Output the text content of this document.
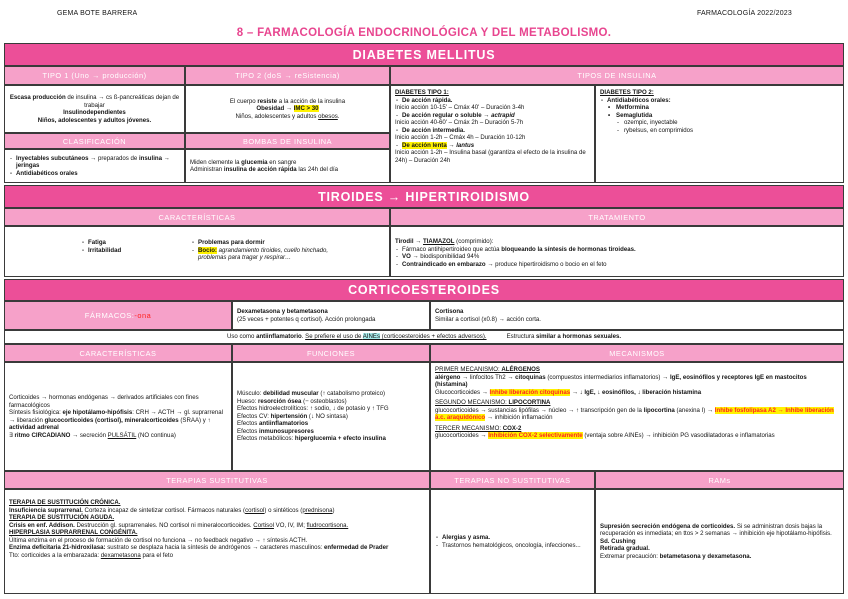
GEMA BOTE BARRERA	FARMACOLOGÍA 2022/2023
8 – FARMACOLOGÍA ENDOCRINOLÓGICA Y DEL METABOLISMO.
DIABETES MELLITUS
TIPO 1 (Uno → producción)	TIPO 2 (doS → reSistencia)	TIPOS DE INSULINA
Escasa producción de insulina → cs ß-pancreáticas dejan de trabajar
Insulinodependientes
Niños, adolescentes y adultos jóvenes.
El cuerpo resiste a la acción de la insulina
Obesidad → IMC > 30
Niños, adolescentes y adultos obesos.
DIABETES TIPO 1:
- De acción rápida.
Inicio acción 10-15' – Cmáx 40' – Duración 3-4h
- De acción regular o soluble → actrapid
Inicio acción 40-60' – Cmáx 2h – Duración 5-7h
- De acción intermedia.
Inicio acción 1-2h – Cmáx 4h – Duración 10-12h
- De acción lenta → lantus
Inicio acción 1-2h – Insulina basal (garantiza el efecto de la insulina de 24h) – Duración 24h
DIABETES TIPO 2:
- Antidiabéticos orales:
• Metformina
• Semaglutida
- ozempic, inyectable
- rybelsus, en comprimidos
CLASIFICACIÓN	BOMBAS DE INSULINA
- Inyectables subcutáneos → preparados de insulina → jeringas
- Antidiabéticos orales
Miden clemente la glucemia en sangre
Administran insulina de acción rápida las 24h del día
TIROIDES → HIPERTIROIDISMO
CARACTERÍSTICAS	TRATAMIENTO
- Fatiga
- Irritabilidad
- Problemas para dormir
- Bocio: agrandamiento tiroides, cuello hinchado, problemas para tragar y respirar…
Tirodil → TIAMAZOL (comprimido):
- Fármaco antihipertiroideo que actúa bloqueando la síntesis de hormonas tiroideas.
- VO → biodisponibilidad 94%
- Contraindicado en embarazo → produce hipertiroidismo o bocio en el feto
CORTICOESTEROIDES
FÁRMACOS: -ona	Dexametasona y betametasona
(25 veces + potentes q cortisol). Acción prolongada
Cortisona
Similar a cortisol (x0.8) → acción corta.
Uso como antiinflamatorio. Se prefiere el uso de AINEs (corticoesteroides + efectos adversos).	Estructura similar a hormonas sexuales.
CARACTERÍSTICAS	FUNCIONES	MECANISMOS
Corticoides → hormonas endógenas → derivados artificiales con fines farmacológicos
Síntesis fisiológica: eje hipotálamo-hipófisis: CRH → ACTH → gl. suprarrenal → liberación glucocorticoides (cortisol), mineralcorticoides (SRAA) y ↑ actividad adrenal
∃ ritmo CIRCADIANO → secreción PULSÁTIL (NO continua)
Músculo: debilidad muscular (↑ catabolismo proteico)
Hueso: resorción ósea (− osteoblastos)
Efectos hidroelectrolíticos: ↑ sodio, ↓ de potasio y ↑ TFG
Efectos CV: hipertensión (↓ NO sintasa)
Efectos antiinflamatorios
Efectos inmunosupresores
Efectos metabólicos: hiperglucemia + efecto insulina
PRIMER MECANISMO: ALÉRGENOS
alérgeno → linfocitos Th2 → citoquinas (compuestos intermediarios inflamatorios) → IgE, eosinófilos y receptores IgE en mastocitos (histamina)
Glucocorticoides → Inhibe liberación citoquinas → ↓ IgE, ↓ eosinófilos, ↓ liberación histamina
SEGUNDO MECANISMO: LIPOCORTINA
glucocorticoides → sustancias lipófilas → núcleo → ↑ transcripción gen de la lipocortina (anexina I) → Inhibe fosfolipasa A2 → Inhibe liberación á.c. araquidónico → inhibición inflamación
TERCER MECANISMO: COX-2
glucocorticoides → Inhibición COX-2 selectivamente (ventaja sobre AINEs) → inhibición PG vasodilatadoras e inflamatorias
TERAPIAS SUSTITUTIVAS	TERAPIAS NO SUSTITUTIVAS	RAMs
TERAPIA DE SUSTITUCIÓN CRÓNICA.
Insuficiencia suprarrenal. Corteza incapaz de sintetizar cortisol. Fármacos naturales (cortisol) o sintéticos (prednisona)
TERAPIA DE SUSTITUCIÓN AGUDA.
Crisis en enf. Addison. Destrucción gl. suprarrenales. NO cortisol ni mineralocorticoides. Cortisol VO, IV, IM; fludrocortisona.
HIPERPLASIA SUPRARRENAL CONGÉNITA.
Última enzima en el proceso de formación de cortisol no funciona → no feedback negativo → ↑ síntesis ACTH.
Enzima deficitaria 21-hidroxilasa: sustrato se desplaza hacia la síntesis de andrógenos → caracteres masculinos: enfermedad de Prader
Tto: corticoides a la embarazada: dexametasona para el feto
- Alergias y asma.
- Trastornos hematológicos, oncología, infecciones...
Supresión secreción endógena de corticoides. Si se administran dosis bajas la recuperación es inmediata; en ttos > 2 semanas → inhibición eje hipotálamo-hipófisis.
Sd. Cushing
Retirada gradual.
Extremar precaución: betametasona y dexametasona.
